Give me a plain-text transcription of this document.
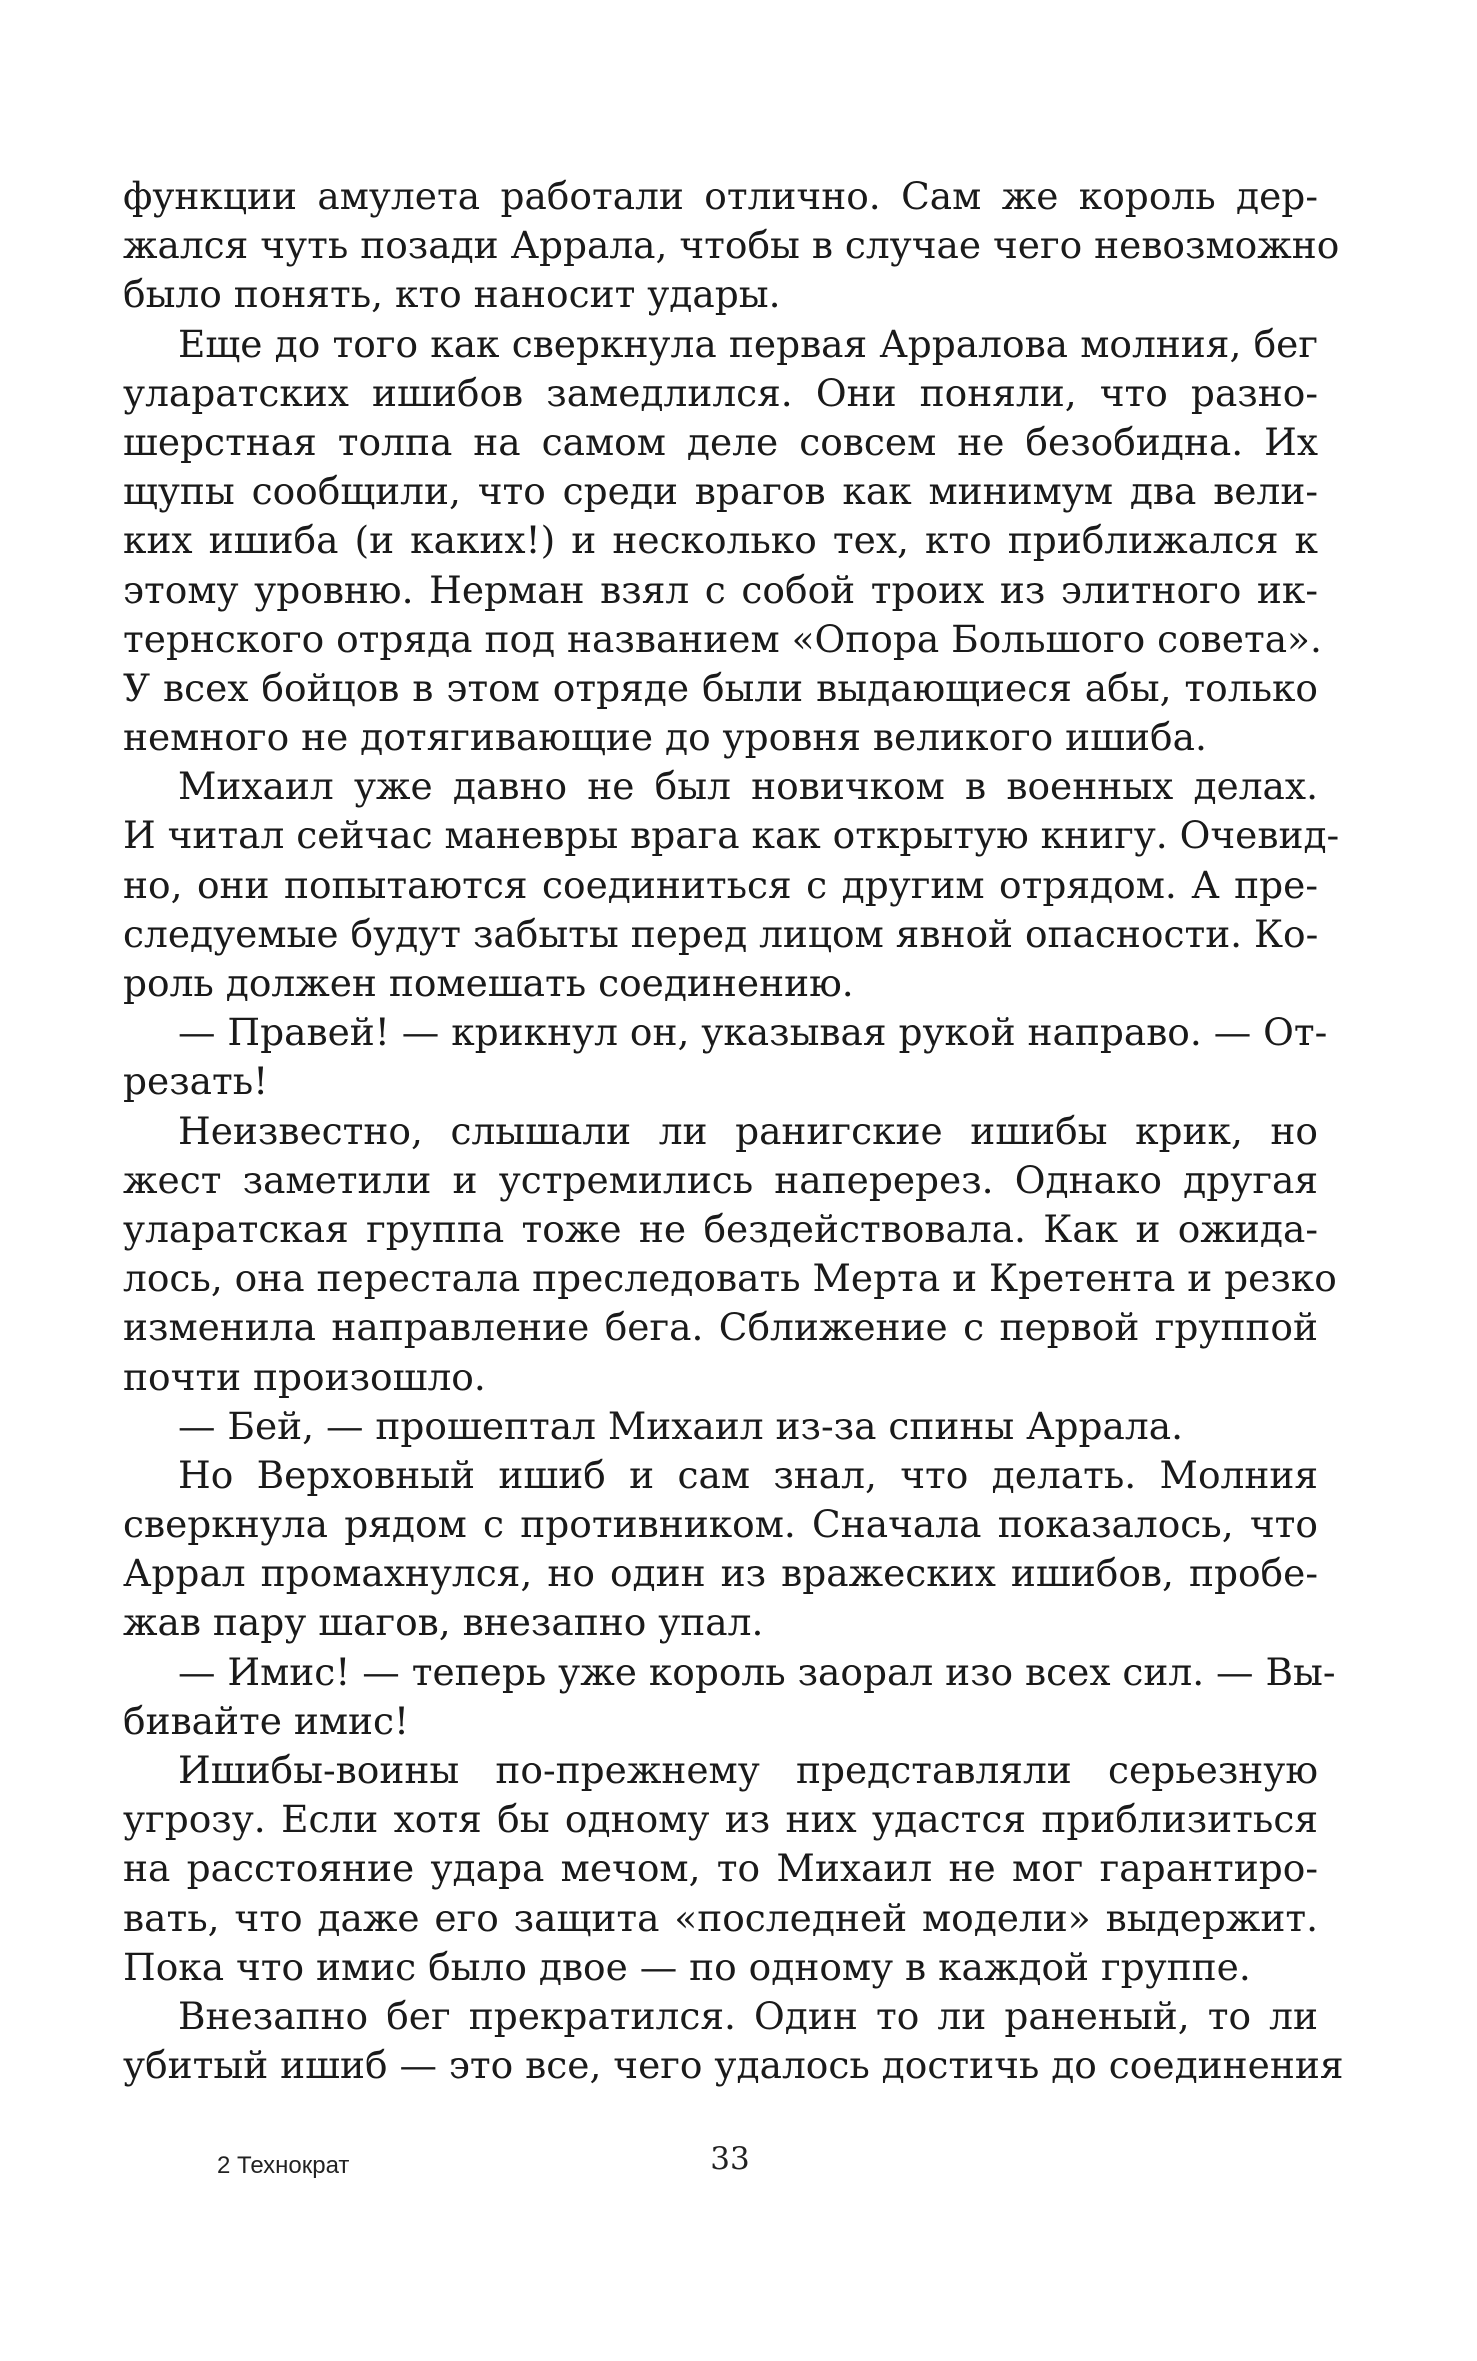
функции амулета работали отлично. Сам же король дер-
жался чуть позади Аррала, чтобы в случае чего невозможно
было понять, кто наносит удары.
Еще до того как сверкнула первая Арралова молния, бег
уларатских ишибов замедлился. Они поняли, что разно-
шерстная толпа на самом деле совсем не безобидна. Их
щупы сообщили, что среди врагов как минимум два вели-
ких ишиба (и каких!) и несколько тех, кто приближался к
этому уровню. Нерман взял с собой троих из элитного ик-
тернского отряда под названием «Опора Большого совета».
У всех бойцов в этом отряде были выдающиеся абы, только
немного не дотягивающие до уровня великого ишиба.
Михаил уже давно не был новичком в военных делах.
И читал сейчас маневры врага как открытую книгу. Очевид-
но, они попытаются соединиться с другим отрядом. А пре-
следуемые будут забыты перед лицом явной опасности. Ко-
роль должен помешать соединению.
— Правей! — крикнул он, указывая рукой направо. — От-
резать!
Неизвестно, слышали ли ранигские ишибы крик, но
жест заметили и устремились наперерез. Однако другая
уларатская группа тоже не бездействовала. Как и ожида-
лось, она перестала преследовать Мерта и Кретента и резко
изменила направление бега. Сближение с первой группой
почти произошло.
— Бей, — прошептал Михаил из-за спины Аррала.
Но Верховный ишиб и сам знал, что делать. Молния
сверкнула рядом с противником. Сначала показалось, что
Аррал промахнулся, но один из вражеских ишибов, пробе-
жав пару шагов, внезапно упал.
— Имис! — теперь уже король заорал изо всех сил. — Вы-
бивайте имис!
Ишибы-воины по-прежнему представляли серьезную
угрозу. Если хотя бы одному из них удастся приблизиться
на расстояние удара мечом, то Михаил не мог гарантиро-
вать, что даже его защита «последней модели» выдержит.
Пока что имис было двое — по одному в каждой группе.
Внезапно бег прекратился. Один то ли раненый, то ли
убитый ишиб — это все, чего удалось достичь до соединения
2 Технократ	33
